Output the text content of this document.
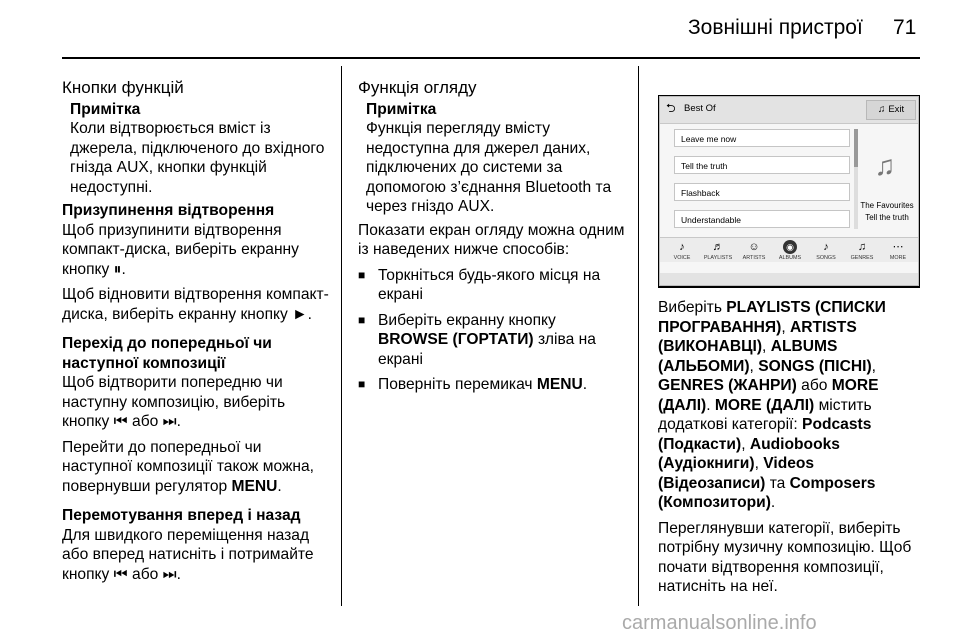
Зовнішні пристрої 71
Кнопки функцій
Примітка
Коли відтворюється вміст із джерела, підключеного до вхідного гнізда AUX, кнопки функцій недоступні.
Призупинення відтворення

Щоб призупинити відтворення компакт-диска, виберіть екранну кнопку ⏸.

Щоб відновити відтворення компакт-диска, виберіть екранну кнопку ►.

Перехід до попередньої чи наступної композиції

Щоб відтворити попередню чи наступну композицію, виберіть кнопку ⏮ або ⏭.

Перейти до попередньої чи наступної композиції також можна, повернувши регулятор MENU.

Перемотування вперед і назад

Для швидкого переміщення назад або вперед натисніть і потримайте кнопку ⏮ або ⏭.

Функція огляду
Примітка
Функція перегляду вмісту недоступна для джерел даних, підключених до системи за допомогою з’єднання Bluetooth та через гніздо AUX.

Показати екран огляду можна одним із наведених нижче способів:

■ Торкніться будь-якого місця на екрані
■ Виберіть екранну кнопку BROWSE (ГОРТАТИ) зліва на екрані
■ Поверніть перемикач MENU.
⮌ Best Of	♫ Exit
Leave me now
Tell the truth
Flashback
Understandable
♫
The Favourites
Tell the truth
♪
VOICE
♬
PLAYLISTS
☺
ARTISTS
◉
ALBUMS
♪
SONGS
♫
GENRES
⋯
MORE

Виберіть PLAYLISTS (СПИСКИ ПРОГРАВАННЯ), ARTISTS (ВИКОНАВЦІ), ALBUMS (АЛЬБОМИ), SONGS (ПІСНІ), GENRES (ЖАНРИ) або MORE (ДАЛІ). MORE (ДАЛІ) містить додаткові категорії: Podcasts (Подкасти), Audiobooks (Аудіокниги), Videos (Відеозаписи) та Composers (Композитори).

Переглянувши категорії, виберіть потрібну музичну композицію. Щоб почати відтворення композиції, натисніть на неї.

carmanualsonline.info
